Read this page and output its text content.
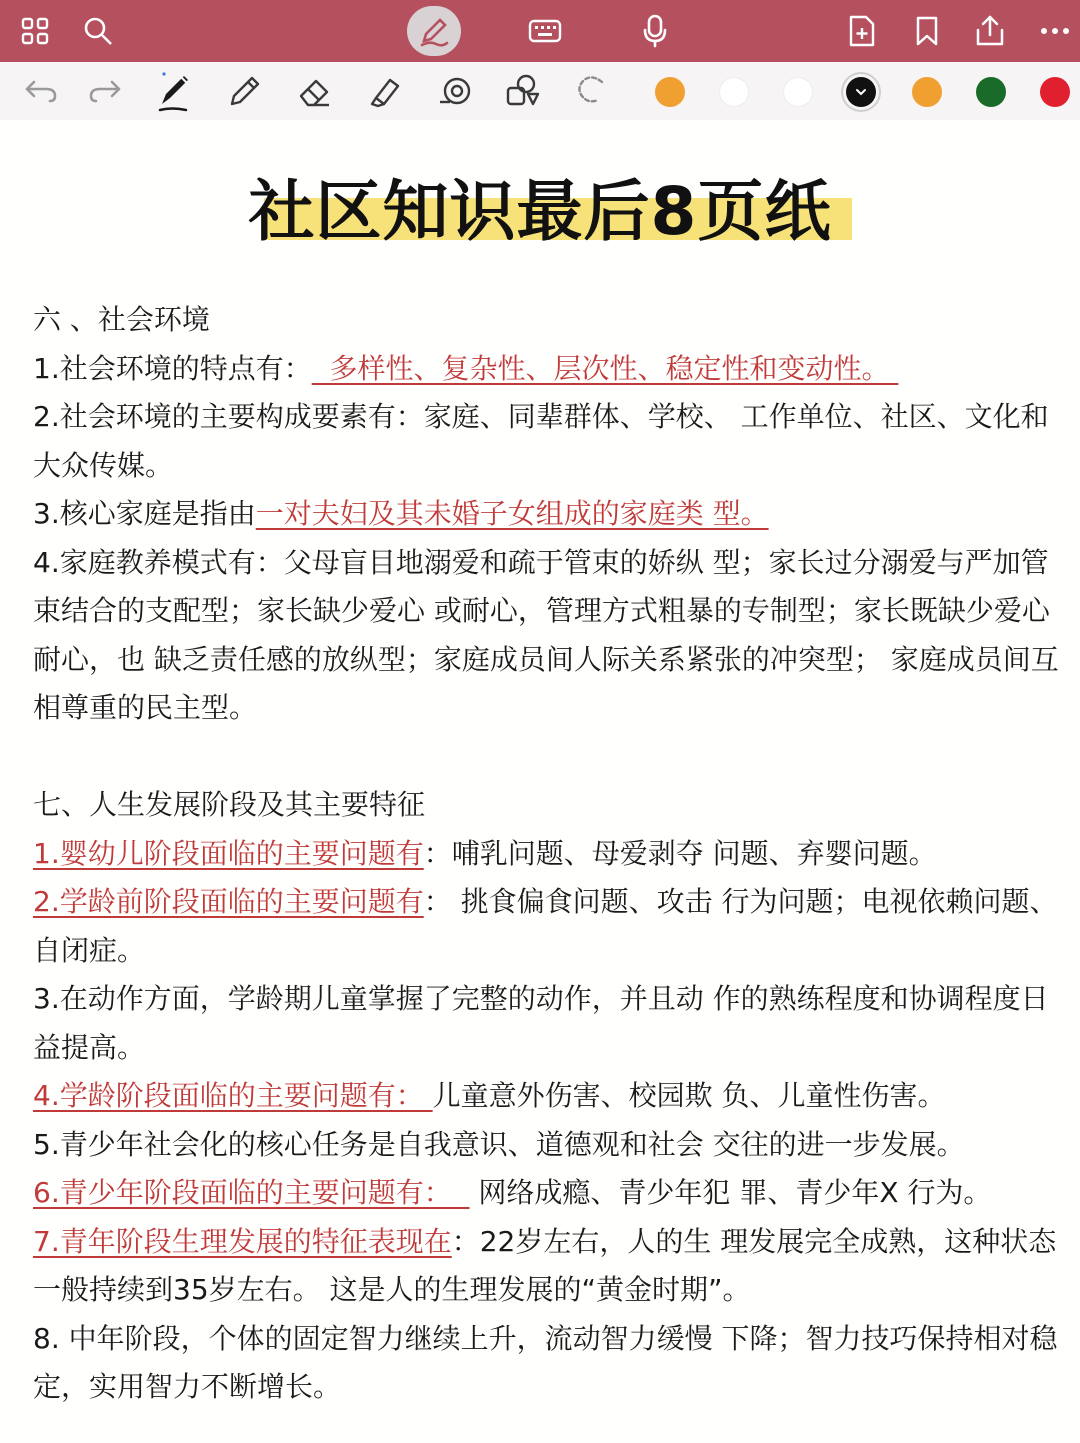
社区知识最后8页纸

六 、社会环境

1.社会环境的特点有：  多样性、复杂性、层次性、稳定性和变动性。

2.社会环境的主要构成要素有：家庭、同辈群体、学校、 工作单位、社区、文化和大众传媒。

3.核心家庭是指由一对夫妇及其未婚子女组成的家庭类 型。

4.家庭教养模式有：父母盲目地溺爱和疏于管束的娇纵 型；家长过分溺爱与严加管束结合的支配型；家长缺少爱心 或耐心，管理方式粗暴的专制型；家长既缺少爱心耐心，也 缺乏责任感的放纵型；家庭成员间人际关系紧张的冲突型； 家庭成员间互相尊重的民主型。

七、人生发展阶段及其主要特征

1.婴幼儿阶段面临的主要问题有：哺乳问题、母爱剥夺 问题、弃婴问题。

2.学龄前阶段面临的主要问题有： 挑食偏食问题、攻击 行为问题；电视依赖问题、自闭症。

3.在动作方面，学龄期儿童掌握了完整的动作，并且动 作的熟练程度和协调程度日益提高。

4.学龄阶段面临的主要问题有： 儿童意外伤害、校园欺 负、儿童性伤害。

5.青少年社会化的核心任务是自我意识、道德观和社会 交往的进一步发展。

6.青少年阶段面临的主要问题有：   网络成瘾、青少年犯 罪、青少年X 行为。

7.青年阶段生理发展的特征表现在：22岁左右，人的生 理发展完全成熟，这种状态一般持续到35岁左右。 这是人的生理发展的“黄金时期”。

8. 中年阶段，个体的固定智力继续上升，流动智力缓慢 下降；智力技巧保持相对稳定，实用智力不断增长。
